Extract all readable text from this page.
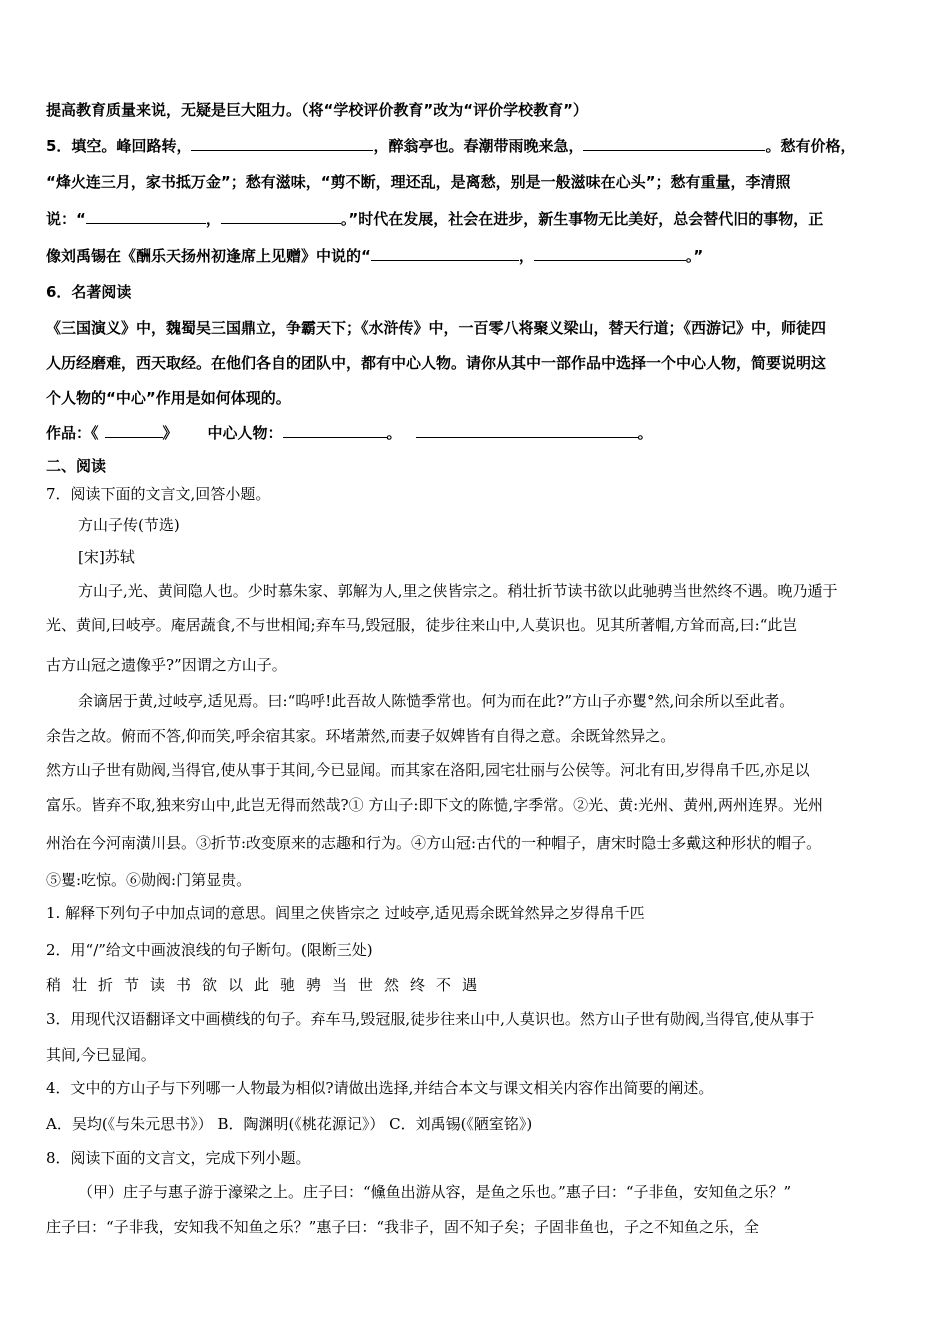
提高教育质量来说，无疑是巨大阻力。（将“学校评价教育”改为“评价学校教育”）
5．填空。峰回路转，	，醉翁亭也。春潮带雨晚来急，	。愁有价格，
“烽火连三月，家书抵万金”；愁有滋味，“剪不断，理还乱，是离愁，别是一般滋味在心头”；愁有重量，李清照
说：“	，	。”时代在发展，社会在进步，新生事物无比美好，总会替代旧的事物，正
像刘禹锡在《酬乐天扬州初逢席上见赠》中说的“	，	。”
6．名著阅读
《三国演义》中，魏蜀吴三国鼎立，争霸天下；《水浒传》中，一百零八将聚义梁山，替天行道；《西游记》中，师徒四
人历经磨难，西天取经。在他们各自的团队中，都有中心人物。请你从其中一部作品中选择一个中心人物，简要说明这
个人物的“中心”作用是如何体现的。
作品：《	》 中心人物：	。	。
二、阅读
7．阅读下面的文言文,回答小题。
方山子传(节选)
[宋]苏轼
方山子,光、黄间隐人也。少时慕朱家、郭解为人,里之侠皆宗之。稍壮折节读书欲以此驰骋当世然终不遇。晚乃遁于
光、黄间,曰岐亭。庵居蔬食,不与世相闻;弃车马,毁冠服，徒步往来山中,人莫识也。见其所著帽,方耸而高,曰:“此岂
古方山冠之遗像乎?”因谓之方山子。
余谪居于黄,过岐亭,适见焉。曰:“呜呼!此吾故人陈慥季常也。何为而在此?”方山子亦矍°然,问余所以至此者。
余告之故。俯而不答,仰而笑,呼余宿其家。环堵萧然,而妻子奴婢皆有自得之意。余既耸然异之。
然方山子世有勋阀,当得官,使从事于其间,今已显闻。而其家在洛阳,园宅壮丽与公侯等。河北有田,岁得帛千匹,亦足以
富乐。皆弃不取,独来穷山中,此岂无得而然哉?① 方山子:即下文的陈慥,字季常。②光、黄:光州、黄州,两州连界。光州
州治在今河南潢川县。③折节:改变原来的志趣和行为。④方山冠:古代的一种帽子，唐宋时隐士多戴这种形状的帽子。
⑤矍:吃惊。⑥勋阀:门第显贵。
1. 解释下列句子中加点词的意思。闾里之侠皆宗之 过岐亭,适见焉余既耸然异之岁得帛千匹
2．用“/”给文中画波浪线的句子断句。(限断三处)
稍壮折节读书欲以此驰骋当世然终不遇
3．用现代汉语翻译文中画横线的句子。弃车马,毁冠服,徒步往来山中,人莫识也。然方山子世有勋阀,当得官,使从事于
其间,今已显闻。
4．文中的方山子与下列哪一人物最为相似?请做出选择,并结合本文与课文相关内容作出简要的阐述。
A．吴均(《与朱元思书》） B．陶渊明(《桃花源记》） C．刘禹锡(《陋室铭》)
8．阅读下面的文言文，完成下列小题。
（甲）庄子与惠子游于濠梁之上。庄子曰：“儵鱼出游从容，是鱼之乐也。”惠子曰：“子非鱼，安知鱼之乐？”
庄子曰：“子非我，安知我不知鱼之乐？”惠子曰：“我非子，固不知子矣；子固非鱼也，子之不知鱼之乐，全
